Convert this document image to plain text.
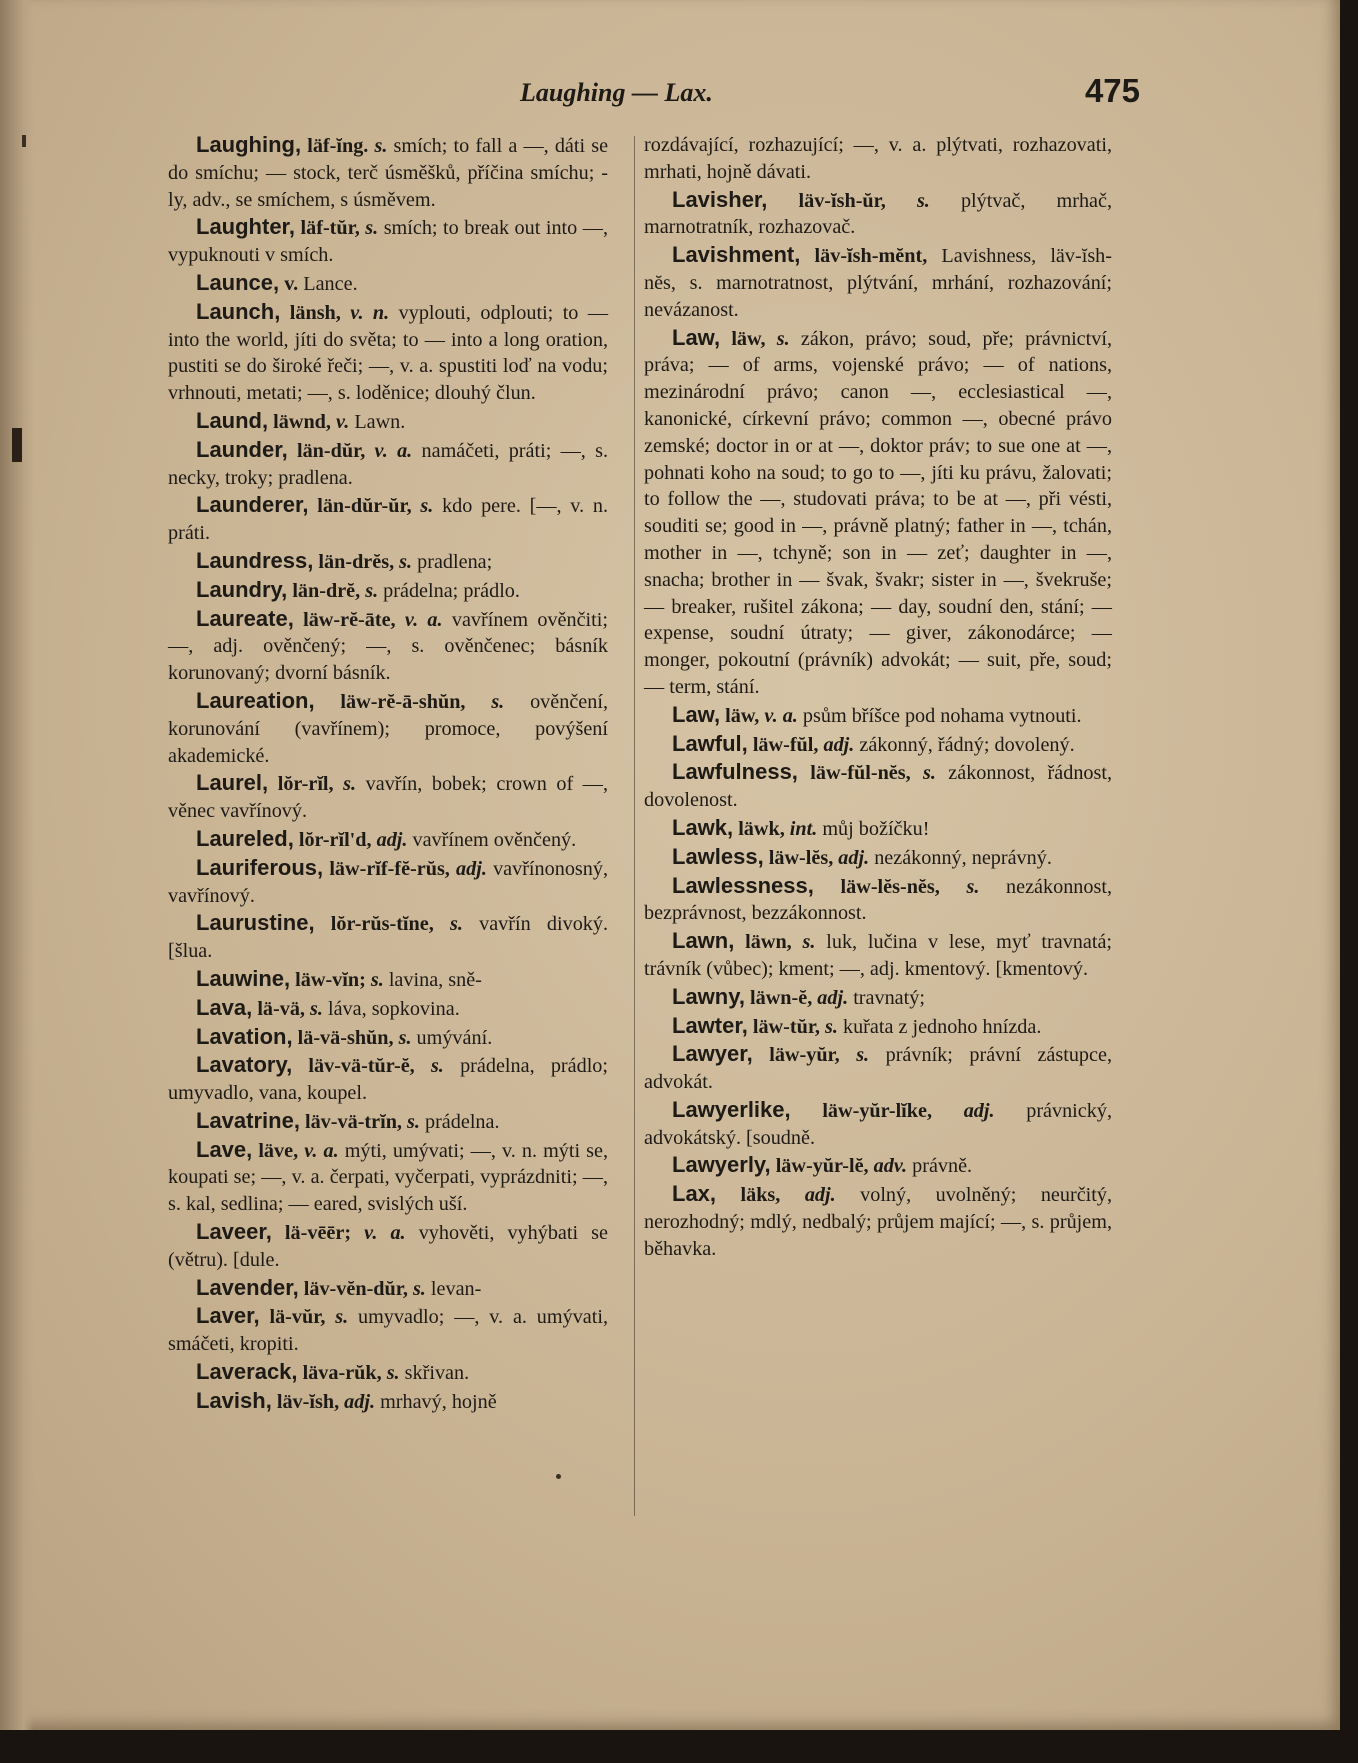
Laughing — Lax.	475

Laughing, läf-ĭng. s. smích; to fall a —, dáti se do smíchu; — stock, terč úsměšků, příčina smíchu; -ly, adv., se smíchem, s úsměvem.

Laughter, läf-tŭr, s. smích; to break out into —, vypuknouti v smích.

Launce, v. Lance.

Launch, länsh, v. n. vyplouti, odplouti; to — into the world, jíti do světa; to — into a long oration, pustiti se do široké řeči; —, v. a. spustiti loď na vodu; vrhnouti, metati; —, s. loděnice; dlouhý člun.

Laund, läwnd, v. Lawn.

Launder, län-dŭr, v. a. namáčeti, práti; —, s. necky, troky; pradlena.

Launderer, län-dŭr-ŭr, s. kdo pere. [—, v. n. práti.

Laundress, län-drĕs, s. pradlena;

Laundry, län-drĕ, s. prádelna; prádlo.

Laureate, läw-rĕ-āte, v. a. vavřínem ověnčiti; —, adj. ověnčený; —, s. ověnčenec; básník korunovaný; dvorní básník.

Laureation, läw-rĕ-ā-shŭn, s. ověnčení, korunování (vavřínem); promoce, povýšení akademické.

Laurel, lŏr-rĭl, s. vavřín, bobek; crown of —, věnec vavřínový.

Laureled, lŏr-rĭl'd, adj. vavřínem ověnčený.

Lauriferous, läw-rĭf-fĕ-rŭs, adj. vavřínonosný, vavřínový.

Laurustine, lŏr-rŭs-tĭne, s. vavřín divoký. [šlua.

Lauwine, läw-vĭn; s. lavina, sně-

Lava, lä-vä, s. láva, sopkovina.

Lavation, lä-vä-shŭn, s. umývání.

Lavatory, läv-vä-tŭr-ĕ, s. prádelna, prádlo; umyvadlo, vana, koupel.

Lavatrine, läv-vä-trĭn, s. prádelna.

Lave, läve, v. a. mýti, umývati; —, v. n. mýti se, koupati se; —, v. a. čerpati, vyčerpati, vyprázdniti; —, s. kal, sedlina; — eared, svislých uší.

Laveer, lä-vēēr; v. a. vyhověti, vyhýbati se (větru). [dule.

Lavender, läv-vĕn-dŭr, s. levan-

Laver, lä-vŭr, s. umyvadlo; —, v. a. umývati, smáčeti, kropiti.

Laverack, läva-rŭk, s. skřivan.

Lavish, läv-ĭsh, adj. mrhavý, hojně

rozdávající, rozhazující; —, v. a. plýtvati, rozhazovati, mrhati, hojně dávati.

Lavisher, läv-ĭsh-ŭr, s. plýtvač, mrhač, marnotratník, rozhazovač.

Lavishment, läv-ĭsh-mĕnt, Lavishness, läv-ĭsh-nĕs, s. marnotratnost, plýtvání, mrhání, rozhazování; nevázanost.

Law, läw, s. zákon, právo; soud, pře; právnictví, práva; — of arms, vojenské právo; — of nations, mezinárodní právo; canon —, ecclesiastical —, kanonické, církevní právo; common —, obecné právo zemské; doctor in or at —, doktor práv; to sue one at —, pohnati koho na soud; to go to —, jíti ku právu, žalovati; to follow the —, studovati práva; to be at —, při vésti, souditi se; good in —, právně platný; father in —, tchán, mother in —, tchyně; son in — zeť; daughter in —, snacha; brother in — švak, švakr; sister in —, švekruše; — breaker, rušitel zákona; — day, soudní den, stání; — expense, soudní útraty; — giver, zákonodárce; — monger, pokoutní (právník) advokát; — suit, pře, soud; — term, stání.

Law, läw, v. a. psům bříšce pod nohama vytnouti.

Lawful, läw-fŭl, adj. zákonný, řádný; dovolený.

Lawfulness, läw-fŭl-nĕs, s. zákonnost, řádnost, dovolenost.

Lawk, läwk, int. můj božíčku!

Lawless, läw-lĕs, adj. nezákonný, neprávný.

Lawlessness, läw-lĕs-nĕs, s. nezákonnost, bezprávnost, bezzákonnost.

Lawn, läwn, s. luk, lučina v lese, myť travnatá; trávník (vůbec); kment; —, adj. kmentový. [kmentový.

Lawny, läwn-ĕ, adj. travnatý;

Lawter, läw-tŭr, s. kuřata z jednoho hnízda.

Lawyer, läw-yŭr, s. právník; právní zástupce, advokát.

Lawyerlike, läw-yŭr-lĭke, adj. právnický, advokátský. [soudně.

Lawyerly, läw-yŭr-lĕ, adv. právně.

Lax, läks, adj. volný, uvolněný; neurčitý, nerozhodný; mdlý, nedbalý; průjem mající; —, s. průjem, běhavka.
